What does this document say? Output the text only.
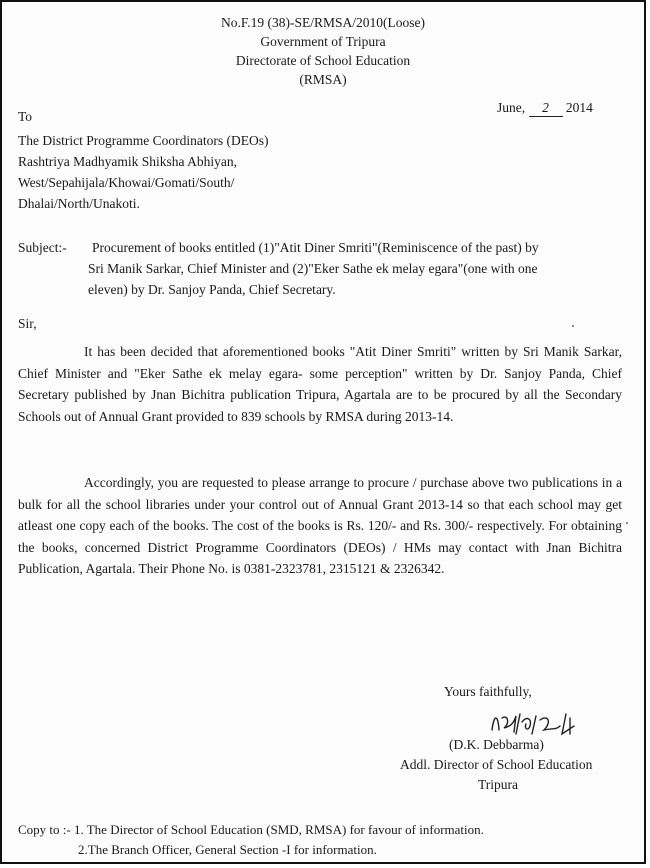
No.F.19 (38)-SE/RMSA/2010(Loose)
Government of Tripura
Directorate of School Education
(RMSA)
June, 2 2014
To
The District Programme Coordinators (DEOs)
Rashtriya Madhyamik Shiksha Abhiyan,
West/Sepahijala/Khowai/Gomati/South/
Dhalai/North/Unakoti.
Subject:- Procurement of books entitled (1)"Atit Diner Smriti"(Reminiscence of the past) by
Sri Manik Sarkar, Chief Minister and (2)"Eker Sathe ek melay egara"(one with one
eleven) by Dr. Sanjoy Panda, Chief Secretary.
Sir,
It has been decided that aforementioned books "Atit Diner Smriti" written by Sri Manik Sarkar, Chief Minister and "Eker Sathe ek melay egara- some perception" written by Dr. Sanjoy Panda, Chief Secretary published by Jnan Bichitra publication Tripura, Agartala are to be procured by all the Secondary Schools out of Annual Grant provided to 839 schools by RMSA during 2013-14.
Accordingly, you are requested to please arrange to procure / purchase above two publications in a bulk for all the school libraries under your control out of Annual Grant 2013-14 so that each school may get atleast one copy each of the books. The cost of the books is Rs. 120/- and Rs. 300/- respectively. For obtaining the books, concerned District Programme Coordinators (DEOs) / HMs may contact with Jnan Bichitra Publication, Agartala. Their Phone No. is 0381-2323781, 2315121 & 2326342.
Yours faithfully,
(D.K. Debbarma)
Addl. Director of School Education
Tripura
Copy to :- 1. The Director of School Education (SMD, RMSA) for favour of information.
2.The Branch Officer, General Section -I for information.
